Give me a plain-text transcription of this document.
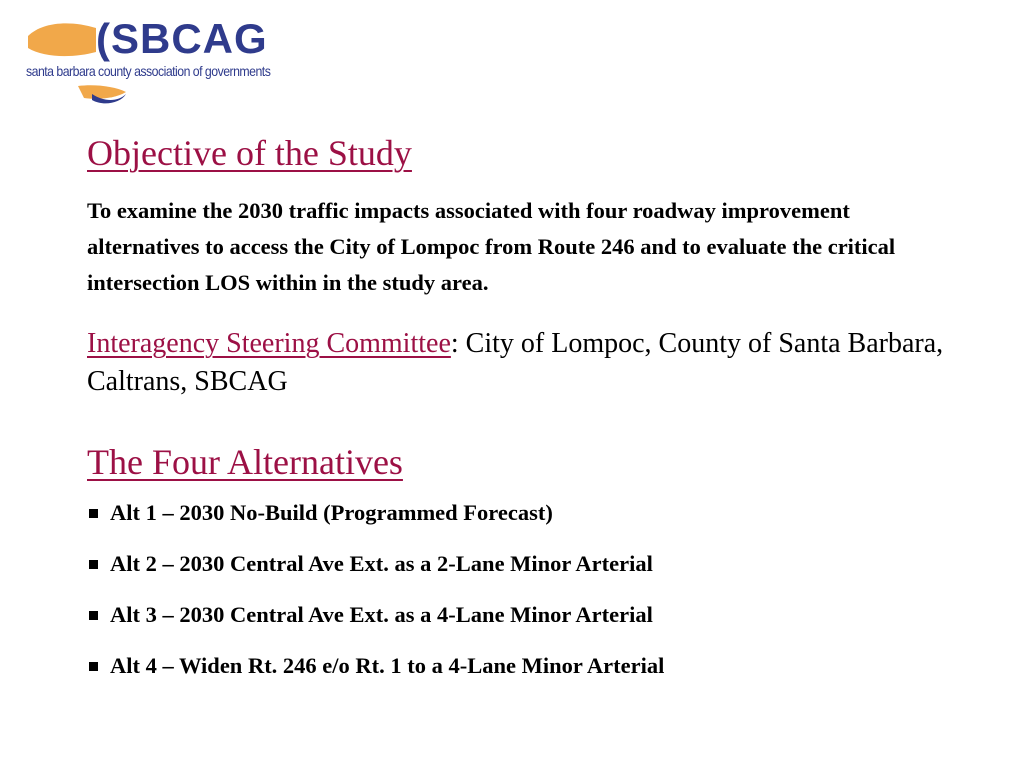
(SBCAG
santa barbara county association of governments
Objective of the Study

To examine the 2030 traffic impacts associated with four roadway improvement alternatives to access the City of Lompoc from Route 246 and to evaluate the critical intersection LOS within in the study area.

Interagency Steering Committee: City of Lompoc, County of Santa Barbara, Caltrans, SBCAG

The Four Alternatives
Alt 1 – 2030 No-Build (Programmed Forecast)
Alt 2 – 2030 Central Ave Ext. as a 2-Lane Minor Arterial
Alt 3 – 2030 Central Ave Ext. as a 4-Lane Minor Arterial
Alt 4 – Widen Rt. 246 e/o Rt. 1 to a 4-Lane Minor Arterial
